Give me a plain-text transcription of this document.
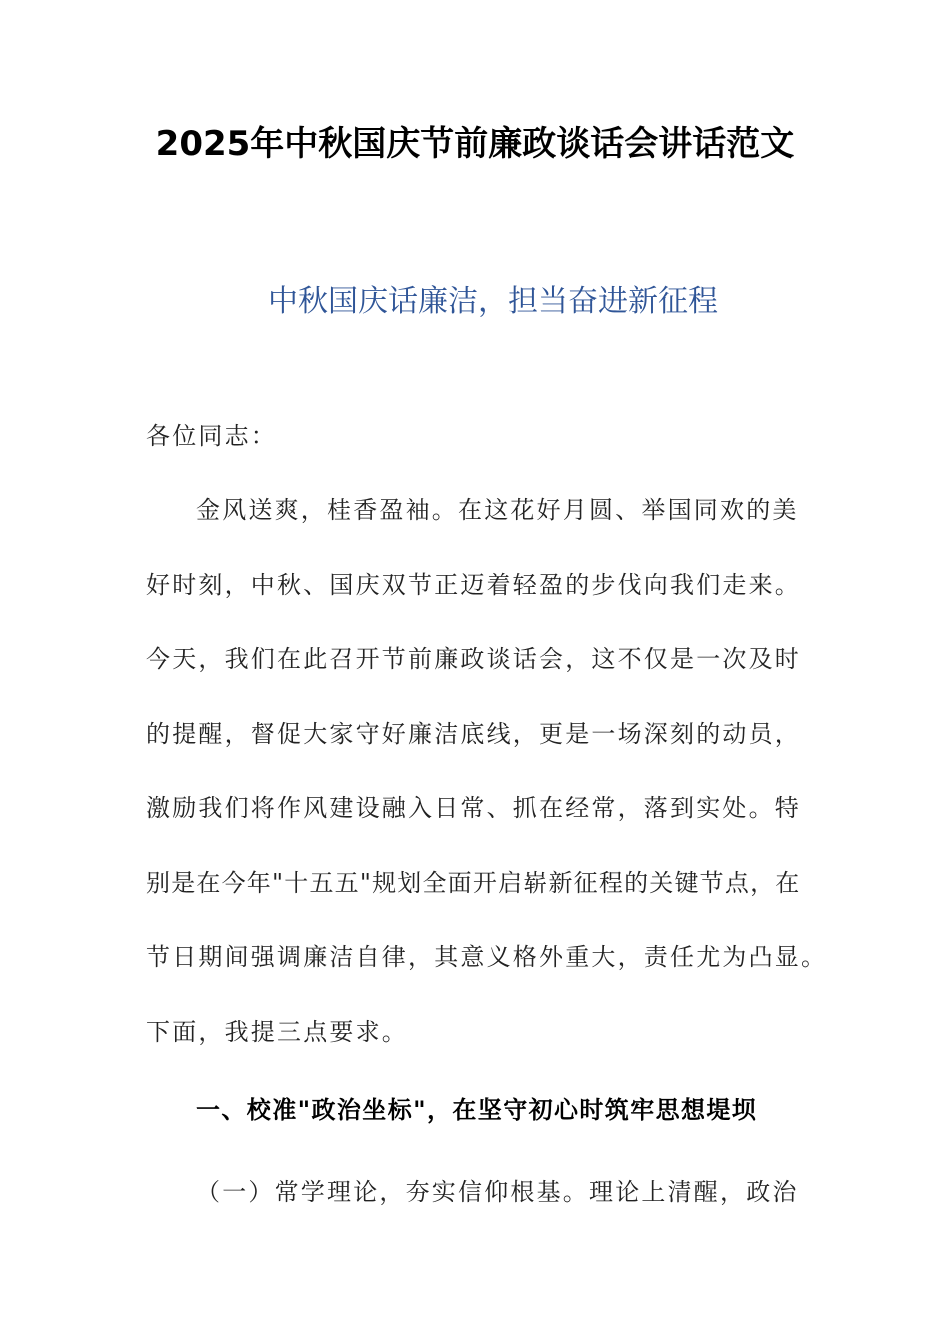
2025年中秋国庆节前廉政谈话会讲话范文
中秋国庆话廉洁，担当奋进新征程
各位同志：
金风送爽，桂香盈袖。在这花好月圆、举国同欢的美
好时刻，中秋、国庆双节正迈着轻盈的步伐向我们走来。
今天，我们在此召开节前廉政谈话会，这不仅是一次及时
的提醒，督促大家守好廉洁底线，更是一场深刻的动员，
激励我们将作风建设融入日常、抓在经常，落到实处。特
别是在今年"十五五"规划全面开启崭新征程的关键节点，在
节日期间强调廉洁自律，其意义格外重大，责任尤为凸显。
下面，我提三点要求。
一、校准"政治坐标"，在坚守初心时筑牢思想堤坝
（一）常学理论，夯实信仰根基。理论上清醒，政治
